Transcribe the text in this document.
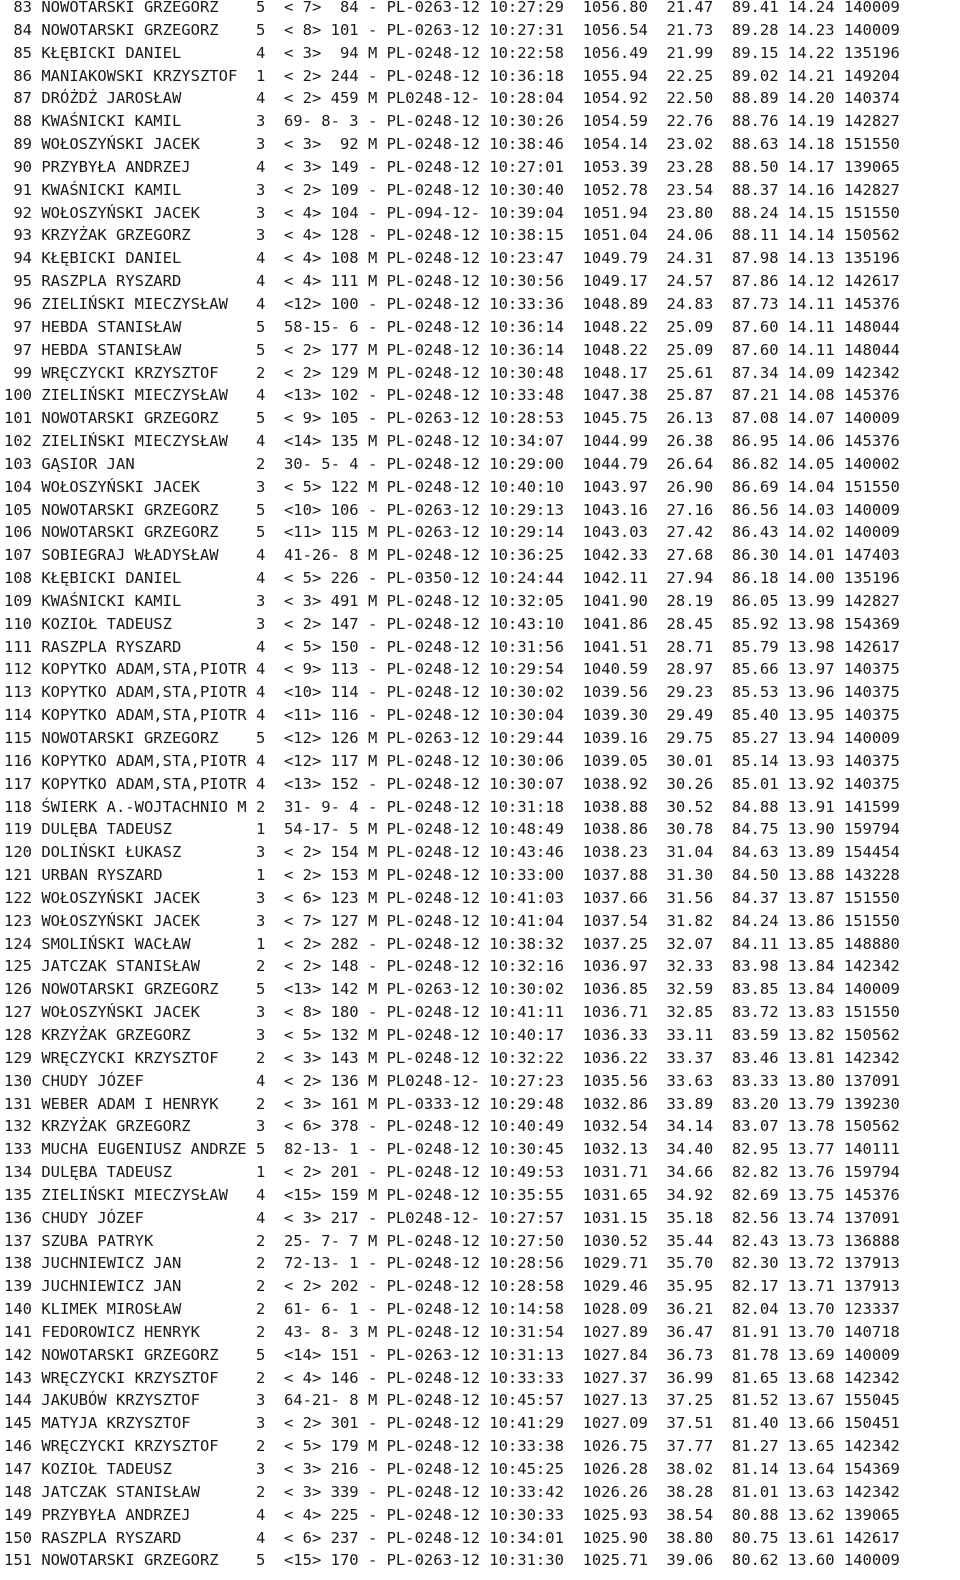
83 NOWOTARSKI GRZEGORZ    5  < 7>  84 - PL-0263-12 10:27:29  1056.80  21.47  89.41 14.24 140009
84 NOWOTARSKI GRZEGORZ    5  < 8> 101 - PL-0263-12 10:27:31  1056.54  21.73  89.28 14.23 140009
85 KŁĘBICKI DANIEL        4  < 3>  94 M PL-0248-12 10:22:58  1056.49  21.99  89.15 14.22 135196
86 MANIAKOWSKI KRZYSZTOF  1  < 2> 244 - PL-0248-12 10:36:18  1055.94  22.25  89.02 14.21 149204
87 DRÓŻDŻ JAROSŁAW        4  < 2> 459 M PL0248-12- 10:28:04  1054.92  22.50  88.89 14.20 140374
88 KWAŚNICKI KAMIL        3  69- 8- 3 - PL-0248-12 10:30:26  1054.59  22.76  88.76 14.19 142827
89 WOŁOSZYŃSKI JACEK      3  < 3>  92 M PL-0248-12 10:38:46  1054.14  23.02  88.63 14.18 151550
90 PRZYBYŁA ANDRZEJ       4  < 3> 149 - PL-0248-12 10:27:01  1053.39  23.28  88.50 14.17 139065
91 KWAŚNICKI KAMIL        3  < 2> 109 - PL-0248-12 10:30:40  1052.78  23.54  88.37 14.16 142827
92 WOŁOSZYŃSKI JACEK      3  < 4> 104 - PL-094-12- 10:39:04  1051.94  23.80  88.24 14.15 151550
93 KRZYŻAK GRZEGORZ       3  < 4> 128 - PL-0248-12 10:38:15  1051.04  24.06  88.11 14.14 150562
94 KŁĘBICKI DANIEL        4  < 4> 108 M PL-0248-12 10:23:47  1049.79  24.31  87.98 14.13 135196
95 RASZPLA RYSZARD        4  < 4> 111 M PL-0248-12 10:30:56  1049.17  24.57  87.86 14.12 142617
96 ZIELIŃSKI MIECZYSŁAW   4  <12> 100 - PL-0248-12 10:33:36  1048.89  24.83  87.73 14.11 145376
97 HEBDA STANISŁAW        5  58-15- 6 - PL-0248-12 10:36:14  1048.22  25.09  87.60 14.11 148044
97 HEBDA STANISŁAW        5  < 2> 177 M PL-0248-12 10:36:14  1048.22  25.09  87.60 14.11 148044
99 WRĘCZYCKI KRZYSZTOF    2  < 2> 129 M PL-0248-12 10:30:48  1048.17  25.61  87.34 14.09 142342
100 ZIELIŃSKI MIECZYSŁAW   4  <13> 102 - PL-0248-12 10:33:48  1047.38  25.87  87.21 14.08 145376
101 NOWOTARSKI GRZEGORZ    5  < 9> 105 - PL-0263-12 10:28:53  1045.75  26.13  87.08 14.07 140009
102 ZIELIŃSKI MIECZYSŁAW   4  <14> 135 M PL-0248-12 10:34:07  1044.99  26.38  86.95 14.06 145376
103 GĄSIOR JAN             2  30- 5- 4 - PL-0248-12 10:29:00  1044.79  26.64  86.82 14.05 140002
104 WOŁOSZYŃSKI JACEK      3  < 5> 122 M PL-0248-12 10:40:10  1043.97  26.90  86.69 14.04 151550
105 NOWOTARSKI GRZEGORZ    5  <10> 106 - PL-0263-12 10:29:13  1043.16  27.16  86.56 14.03 140009
106 NOWOTARSKI GRZEGORZ    5  <11> 115 M PL-0263-12 10:29:14  1043.03  27.42  86.43 14.02 140009
107 SOBIEGRAJ WŁADYSŁAW    4  41-26- 8 M PL-0248-12 10:36:25  1042.33  27.68  86.30 14.01 147403
108 KŁĘBICKI DANIEL        4  < 5> 226 - PL-0350-12 10:24:44  1042.11  27.94  86.18 14.00 135196
109 KWAŚNICKI KAMIL        3  < 3> 491 M PL-0248-12 10:32:05  1041.90  28.19  86.05 13.99 142827
110 KOZIOŁ TADEUSZ         3  < 2> 147 - PL-0248-12 10:43:10  1041.86  28.45  85.92 13.98 154369
111 RASZPLA RYSZARD        4  < 5> 150 - PL-0248-12 10:31:56  1041.51  28.71  85.79 13.98 142617
112 KOPYTKO ADAM,STA,PIOTR 4  < 9> 113 - PL-0248-12 10:29:54  1040.59  28.97  85.66 13.97 140375
113 KOPYTKO ADAM,STA,PIOTR 4  <10> 114 - PL-0248-12 10:30:02  1039.56  29.23  85.53 13.96 140375
114 KOPYTKO ADAM,STA,PIOTR 4  <11> 116 - PL-0248-12 10:30:04  1039.30  29.49  85.40 13.95 140375
115 NOWOTARSKI GRZEGORZ    5  <12> 126 M PL-0263-12 10:29:44  1039.16  29.75  85.27 13.94 140009
116 KOPYTKO ADAM,STA,PIOTR 4  <12> 117 M PL-0248-12 10:30:06  1039.05  30.01  85.14 13.93 140375
117 KOPYTKO ADAM,STA,PIOTR 4  <13> 152 - PL-0248-12 10:30:07  1038.92  30.26  85.01 13.92 140375
118 ŚWIERK A.-WOJTACHNIO M 2  31- 9- 4 - PL-0248-12 10:31:18  1038.88  30.52  84.88 13.91 141599
119 DULĘBA TADEUSZ         1  54-17- 5 M PL-0248-12 10:48:49  1038.86  30.78  84.75 13.90 159794
120 DOLIŃSKI ŁUKASZ        3  < 2> 154 M PL-0248-12 10:43:46  1038.23  31.04  84.63 13.89 154454
121 URBAN RYSZARD          1  < 2> 153 M PL-0248-12 10:33:00  1037.88  31.30  84.50 13.88 143228
122 WOŁOSZYŃSKI JACEK      3  < 6> 123 M PL-0248-12 10:41:03  1037.66  31.56  84.37 13.87 151550
123 WOŁOSZYŃSKI JACEK      3  < 7> 127 M PL-0248-12 10:41:04  1037.54  31.82  84.24 13.86 151550
124 SMOLIŃSKI WACŁAW       1  < 2> 282 - PL-0248-12 10:38:32  1037.25  32.07  84.11 13.85 148880
125 JATCZAK STANISŁAW      2  < 2> 148 - PL-0248-12 10:32:16  1036.97  32.33  83.98 13.84 142342
126 NOWOTARSKI GRZEGORZ    5  <13> 142 M PL-0263-12 10:30:02  1036.85  32.59  83.85 13.84 140009
127 WOŁOSZYŃSKI JACEK      3  < 8> 180 - PL-0248-12 10:41:11  1036.71  32.85  83.72 13.83 151550
128 KRZYŻAK GRZEGORZ       3  < 5> 132 M PL-0248-12 10:40:17  1036.33  33.11  83.59 13.82 150562
129 WRĘCZYCKI KRZYSZTOF    2  < 3> 143 M PL-0248-12 10:32:22  1036.22  33.37  83.46 13.81 142342
130 CHUDY JÓZEF            4  < 2> 136 M PL0248-12- 10:27:23  1035.56  33.63  83.33 13.80 137091
131 WEBER ADAM I HENRYK    2  < 3> 161 M PL-0333-12 10:29:48  1032.86  33.89  83.20 13.79 139230
132 KRZYŻAK GRZEGORZ       3  < 6> 378 - PL-0248-12 10:40:49  1032.54  34.14  83.07 13.78 150562
133 MUCHA EUGENIUSZ ANDRZE 5  82-13- 1 - PL-0248-12 10:30:45  1032.13  34.40  82.95 13.77 140111
134 DULĘBA TADEUSZ         1  < 2> 201 - PL-0248-12 10:49:53  1031.71  34.66  82.82 13.76 159794
135 ZIELIŃSKI MIECZYSŁAW   4  <15> 159 M PL-0248-12 10:35:55  1031.65  34.92  82.69 13.75 145376
136 CHUDY JÓZEF            4  < 3> 217 - PL0248-12- 10:27:57  1031.15  35.18  82.56 13.74 137091
137 SZUBA PATRYK           2  25- 7- 7 M PL-0248-12 10:27:50  1030.52  35.44  82.43 13.73 136888
138 JUCHNIEWICZ JAN        2  72-13- 1 - PL-0248-12 10:28:56  1029.71  35.70  82.30 13.72 137913
139 JUCHNIEWICZ JAN        2  < 2> 202 - PL-0248-12 10:28:58  1029.46  35.95  82.17 13.71 137913
140 KLIMEK MIROSŁAW        2  61- 6- 1 - PL-0248-12 10:14:58  1028.09  36.21  82.04 13.70 123337
141 FEDOROWICZ HENRYK      2  43- 8- 3 M PL-0248-12 10:31:54  1027.89  36.47  81.91 13.70 140718
142 NOWOTARSKI GRZEGORZ    5  <14> 151 - PL-0263-12 10:31:13  1027.84  36.73  81.78 13.69 140009
143 WRĘCZYCKI KRZYSZTOF    2  < 4> 146 - PL-0248-12 10:33:33  1027.37  36.99  81.65 13.68 142342
144 JAKUBÓW KRZYSZTOF      3  64-21- 8 M PL-0248-12 10:45:57  1027.13  37.25  81.52 13.67 155045
145 MATYJA KRZYSZTOF       3  < 2> 301 - PL-0248-12 10:41:29  1027.09  37.51  81.40 13.66 150451
146 WRĘCZYCKI KRZYSZTOF    2  < 5> 179 M PL-0248-12 10:33:38  1026.75  37.77  81.27 13.65 142342
147 KOZIOŁ TADEUSZ         3  < 3> 216 - PL-0248-12 10:45:25  1026.28  38.02  81.14 13.64 154369
148 JATCZAK STANISŁAW      2  < 3> 339 - PL-0248-12 10:33:42  1026.26  38.28  81.01 13.63 142342
149 PRZYBYŁA ANDRZEJ       4  < 4> 225 - PL-0248-12 10:30:33  1025.93  38.54  80.88 13.62 139065
150 RASZPLA RYSZARD        4  < 6> 237 - PL-0248-12 10:34:01  1025.90  38.80  80.75 13.61 142617
151 NOWOTARSKI GRZEGORZ    5  <15> 170 - PL-0263-12 10:31:30  1025.71  39.06  80.62 13.60 140009
